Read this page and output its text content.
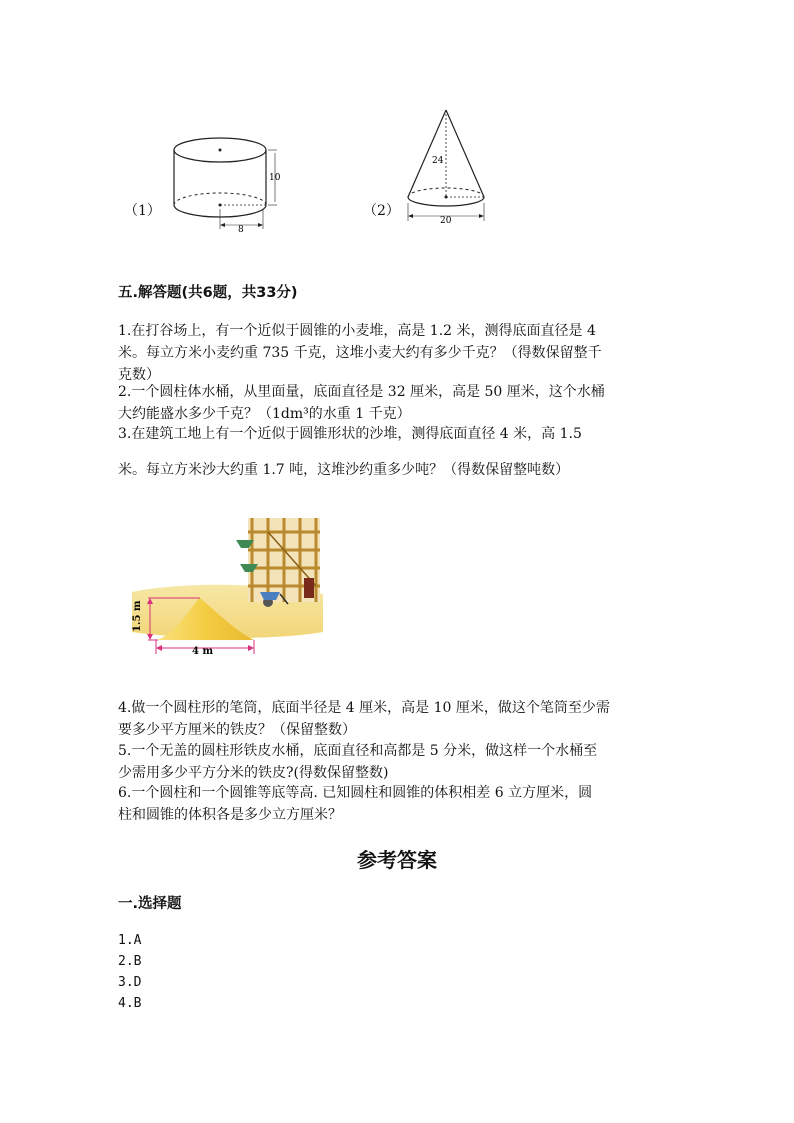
（1）
8
10
（2）
24
20
五.解答题(共6题，共33分)
1.在打谷场上，有一个近似于圆锥的小麦堆，高是 1.2 米，测得底面直径是 4
米。每立方米小麦约重 735 千克，这堆小麦大约有多少千克？（得数保留整千
克数）
2.一个圆柱体水桶，从里面量，底面直径是 32 厘米，高是 50 厘米，这个水桶
大约能盛水多少千克？（1dm³的水重 1 千克）
3.在建筑工地上有一个近似于圆锥形状的沙堆，测得底面直径 4 米，高 1.5
米。每立方米沙大约重 1.7 吨，这堆沙约重多少吨？（得数保留整吨数）
1.5 m
4 m
4.做一个圆柱形的笔筒，底面半径是 4 厘米，高是 10 厘米，做这个笔筒至少需
要多少平方厘米的铁皮？（保留整数）
5.一个无盖的圆柱形铁皮水桶，底面直径和高都是 5 分米，做这样一个水桶至
少需用多少平方分米的铁皮?(得数保留整数)
6.一个圆柱和一个圆锥等底等高. 已知圆柱和圆锥的体积相差 6 立方厘米，圆
柱和圆锥的体积各是多少立方厘米？
参考答案
一.选择题
1.A
2.B
3.D
4.B
